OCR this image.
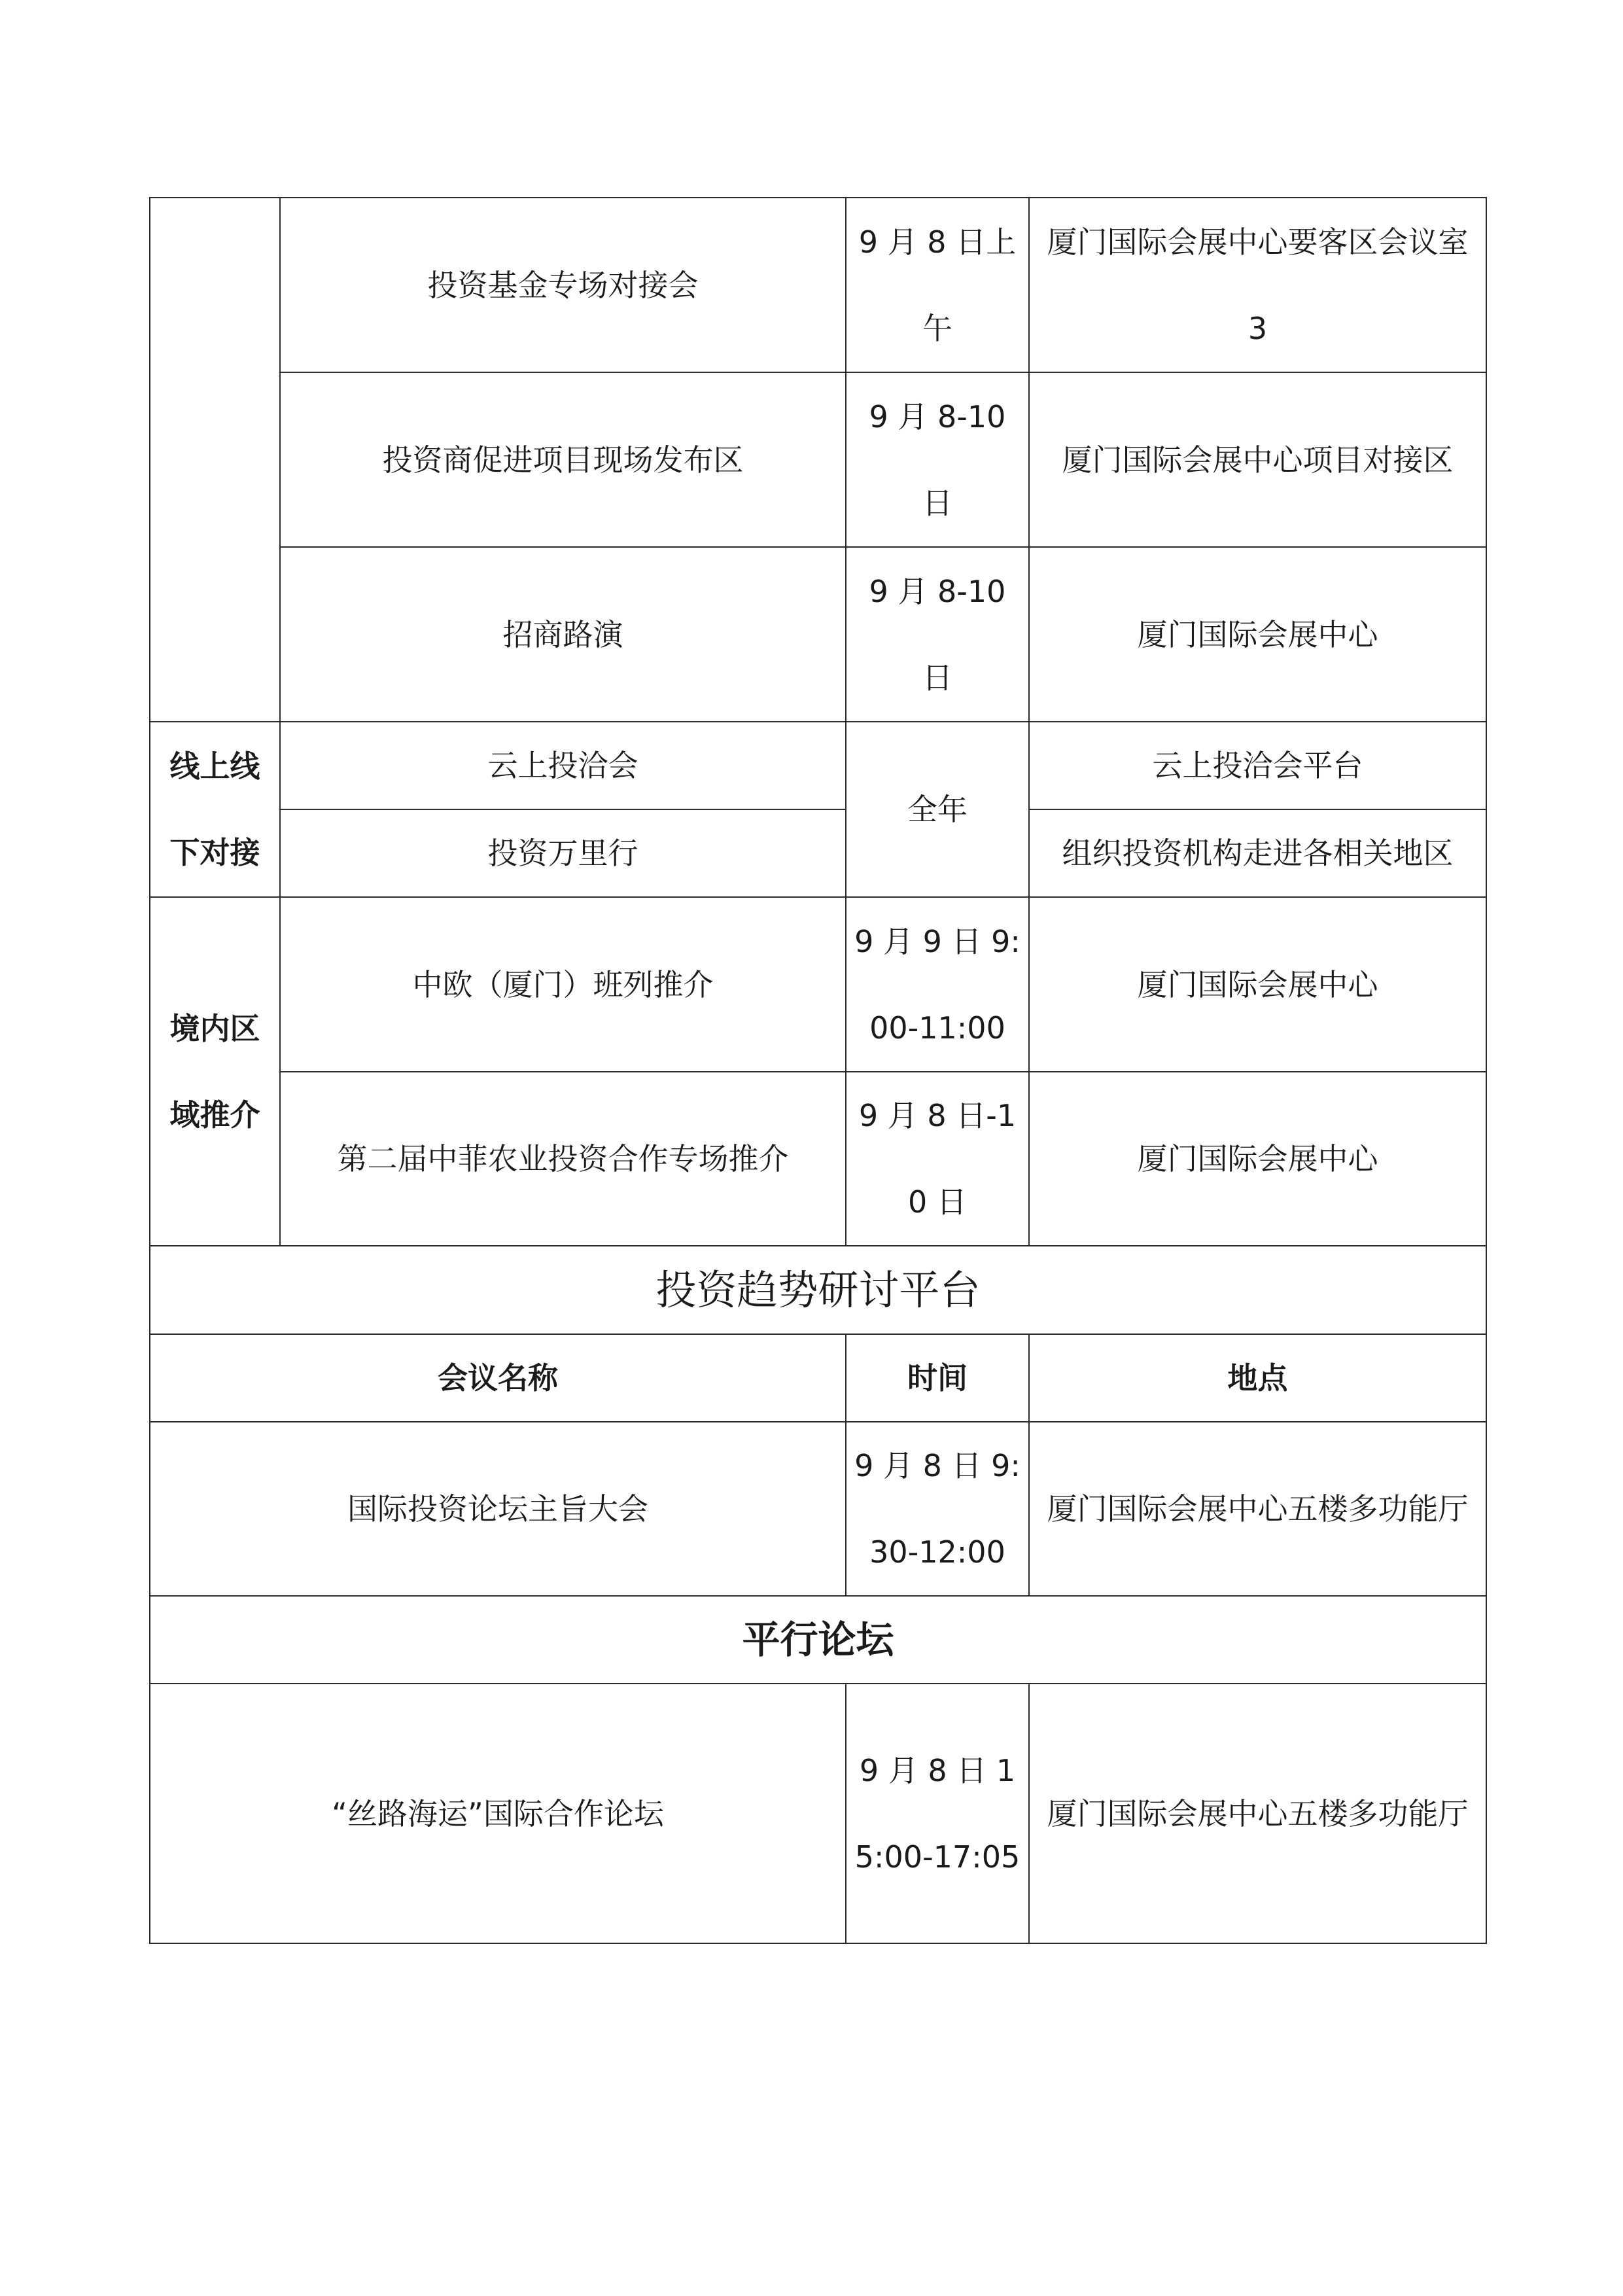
	投资基金专场对接会	9 月 8 日上午	厦门国际会展中心要客区会议室 3
	投资商促进项目现场发布区	9 月 8-10 日	厦门国际会展中心项目对接区
	招商路演	9 月 8-10 日	厦门国际会展中心
线上线下对接	云上投洽会	全年	云上投洽会平台
	投资万里行		组织投资机构走进各相关地区
境内区域推介	中欧（厦门）班列推介	9 月 9 日 9:00-11:00	厦门国际会展中心
	第二届中菲农业投资合作专场推介	9 月 8 日-10 日	厦门国际会展中心
投资趋势研讨平台			
会议名称		时间	地点
国际投资论坛主旨大会		9 月 8 日 9:30-12:00	厦门国际会展中心五楼多功能厅
平行论坛			
“丝路海运”国际合作论坛		9 月 8 日 15:00-17:05	厦门国际会展中心五楼多功能厅
